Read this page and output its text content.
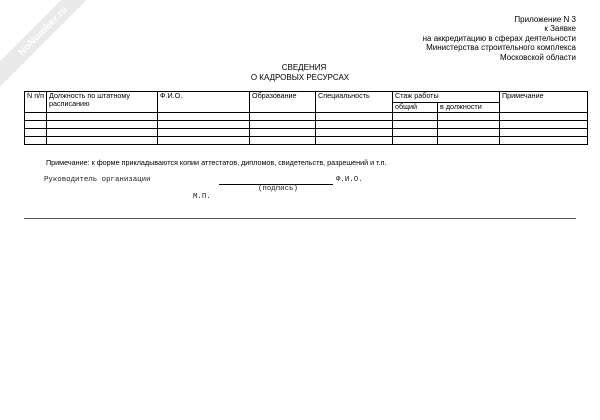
NoNumber.ru	Приложение N 3
к Заявке
на аккредитацию в сферах деятельности
Министерства строительного комплекса
Московской области
СВЕДЕНИЯ
О КАДРОВЫХ РЕСУРСАХ
N п/п	Должность по штатному расписанию	Ф.И.О.	Образование	Специальность	Стаж работы		Примечание
					общий	в должности	

Примечание: к форме прикладываются копии аттестатов, дипломов, свидетельств, разрешений и т.п.
Руководитель организации
(подпись)
Ф.И.О.
М.П.
